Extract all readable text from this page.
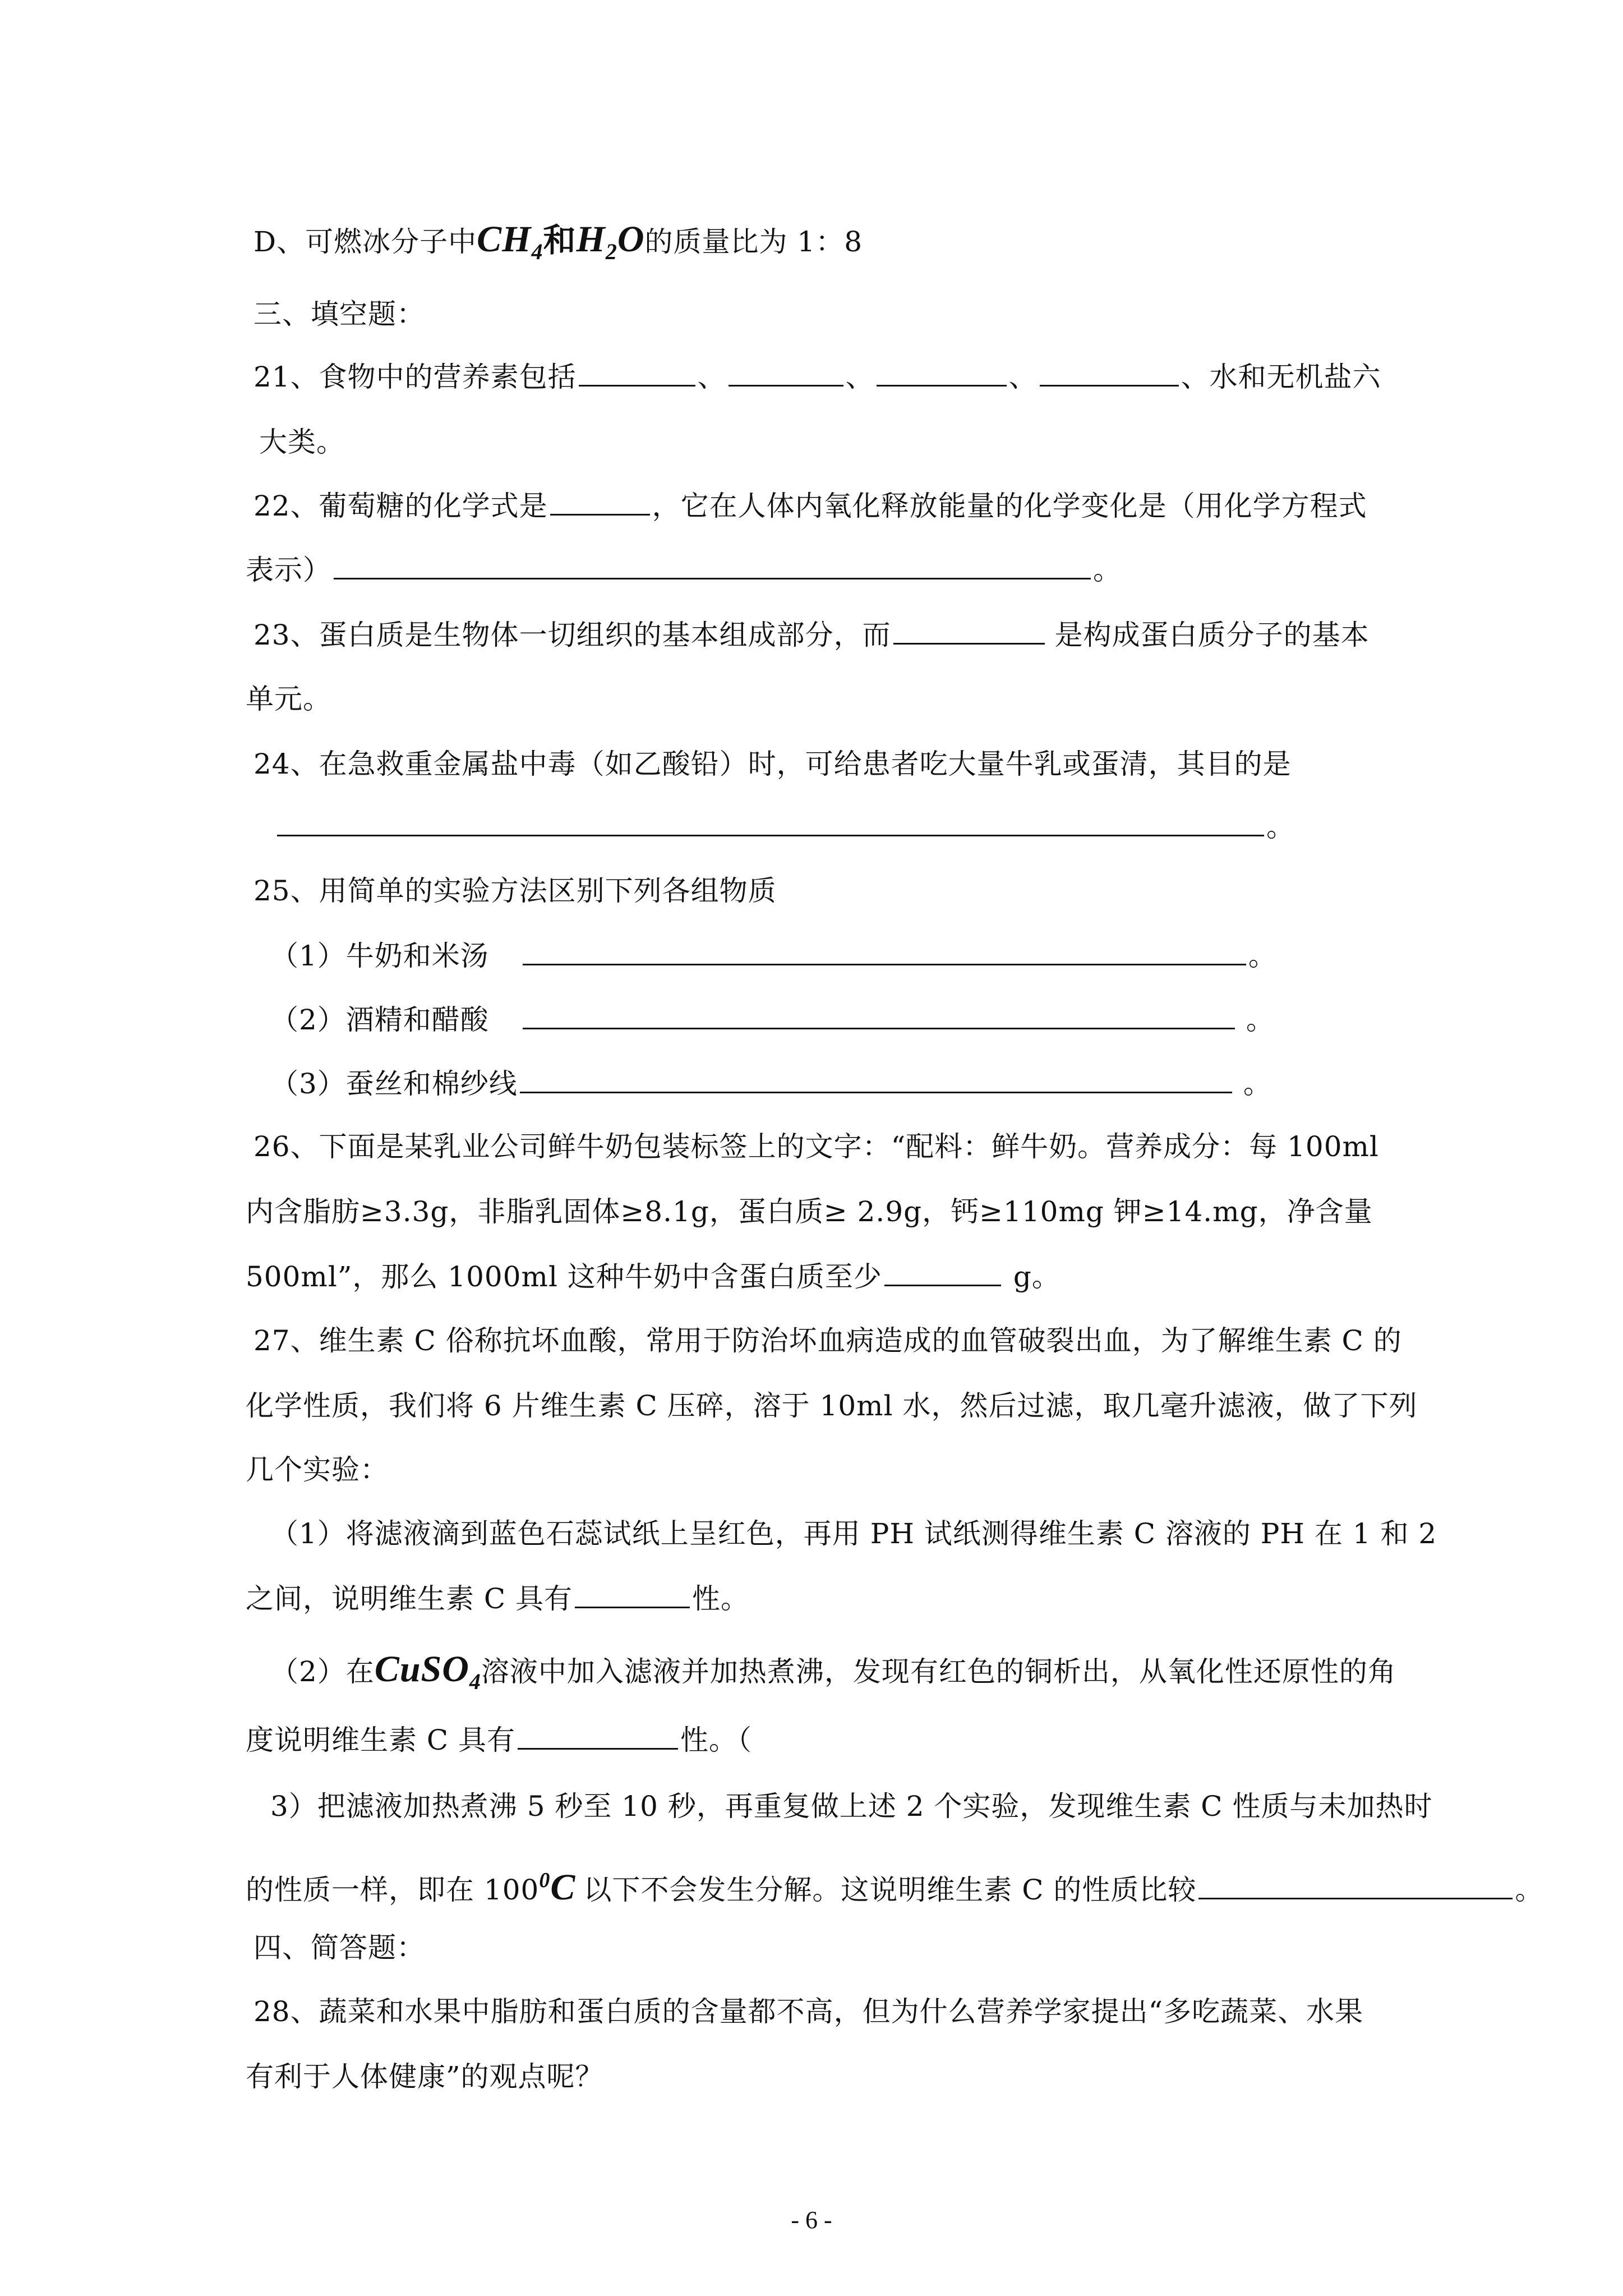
D、可燃冰分子中$CH_4$和$H_2O$的质量比为 1：8
三、填空题：
21、食物中的营养素包括	、	、	、	、水和无机盐六
大类。
22、葡萄糖的化学式是	，它在人体内氧化释放能量的化学变化是（用化学方程式
表示）	。
23、蛋白质是生物体一切组织的基本组成部分，而	是构成蛋白质分子的基本
单元。
24、在急救重金属盐中毒（如乙酸铅）时，可给患者吃大量牛乳或蛋清，其目的是
。
25、用简单的实验方法区别下列各组物质
（1）牛奶和米汤	。
（2）酒精和醋酸	。
（3）蚕丝和棉纱线	。
26、下面是某乳业公司鲜牛奶包装标签上的文字：“配料：鲜牛奶。营养成分：每 100ml
内含脂肪≥3.3g，非脂乳固体≥8.1g，蛋白质≥ 2.9g，钙≥110mg 钾≥14.mg，净含量
500ml”，那么 1000ml 这种牛奶中含蛋白质至少	g。
27、维生素 C 俗称抗坏血酸，常用于防治坏血病造成的血管破裂出血，为了解维生素 C 的
化学性质，我们将 6 片维生素 C 压碎，溶于 10ml 水，然后过滤，取几毫升滤液，做了下列
几个实验：
（1）将滤液滴到蓝色石蕊试纸上呈红色，再用 PH 试纸测得维生素 C 溶液的 PH 在 1 和 2
之间，说明维生素 C 具有	性。
（2）在CuSO$_4$溶液中加入滤液并加热煮沸，发现有红色的铜析出，从氧化性还原性的角
度说明维生素 C 具有	性。（
3）把滤液加热煮沸 5 秒至 10 秒，再重复做上述 2 个实验，发现维生素 C 性质与未加热时
的性质一样，即在 $100^0C$ 以下不会发生分解。这说明维生素 C 的性质比较	。
四、简答题：
28、蔬菜和水果中脂肪和蛋白质的含量都不高，但为什么营养学家提出“多吃蔬菜、水果
有利于人体健康”的观点呢？
- 6 -
